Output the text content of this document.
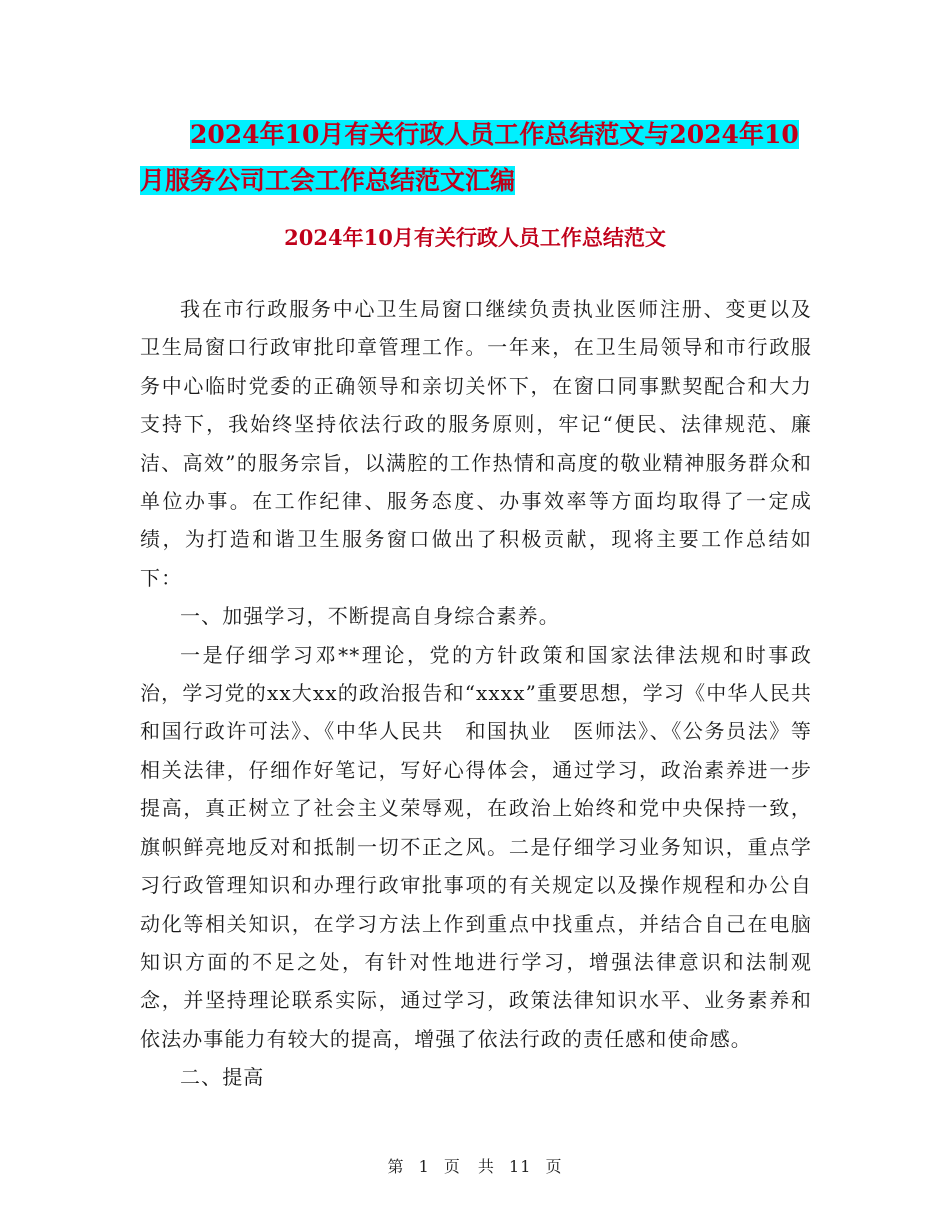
2024年10月有关行政人员工作总结范文与2024年10
月服务公司工会工作总结范文汇编
2024年10月有关行政人员工作总结范文

我在市行政服务中心卫生局窗口继续负责执业医师注册、变更以及卫生局窗口行政审批印章管理工作。一年来，在卫生局领导和市行政服务中心临时党委的正确领导和亲切关怀下，在窗口同事默契配合和大力支持下，我始终坚持依法行政的服务原则，牢记“便民、法律规范、廉洁、高效”的服务宗旨，以满腔的工作热情和高度的敬业精神服务群众和单位办事。在工作纪律、服务态度、办事效率等方面均取得了一定成绩，为打造和谐卫生服务窗口做出了积极贡献，现将主要工作总结如下：

一、加强学习，不断提高自身综合素养。

一是仔细学习邓**理论，党的方针政策和国家法律法规和时事政治，学习党的xx大xx的政治报告和“xxxx”重要思想，学习《中华人民共和国行政许可法》、《中华人民共　和国执业　医师法》、《公务员法》等相关法律，仔细作好笔记，写好心得体会，通过学习，政治素养进一步提高，真正树立了社会主义荣辱观，在政治上始终和党中央保持一致，旗帜鲜亮地反对和抵制一切不正之风。二是仔细学习业务知识，重点学习行政管理知识和办理行政审批事项的有关规定以及操作规程和办公自动化等相关知识，在学习方法上作到重点中找重点，并结合自己在电脑知识方面的不足之处，有针对性地进行学习，增强法律意识和法制观念，并坚持理论联系实际，通过学习，政策法律知识水平、业务素养和依法办事能力有较大的提高，增强了依法行政的责任感和使命感。

二、提高

第 1 页　共 11 页
